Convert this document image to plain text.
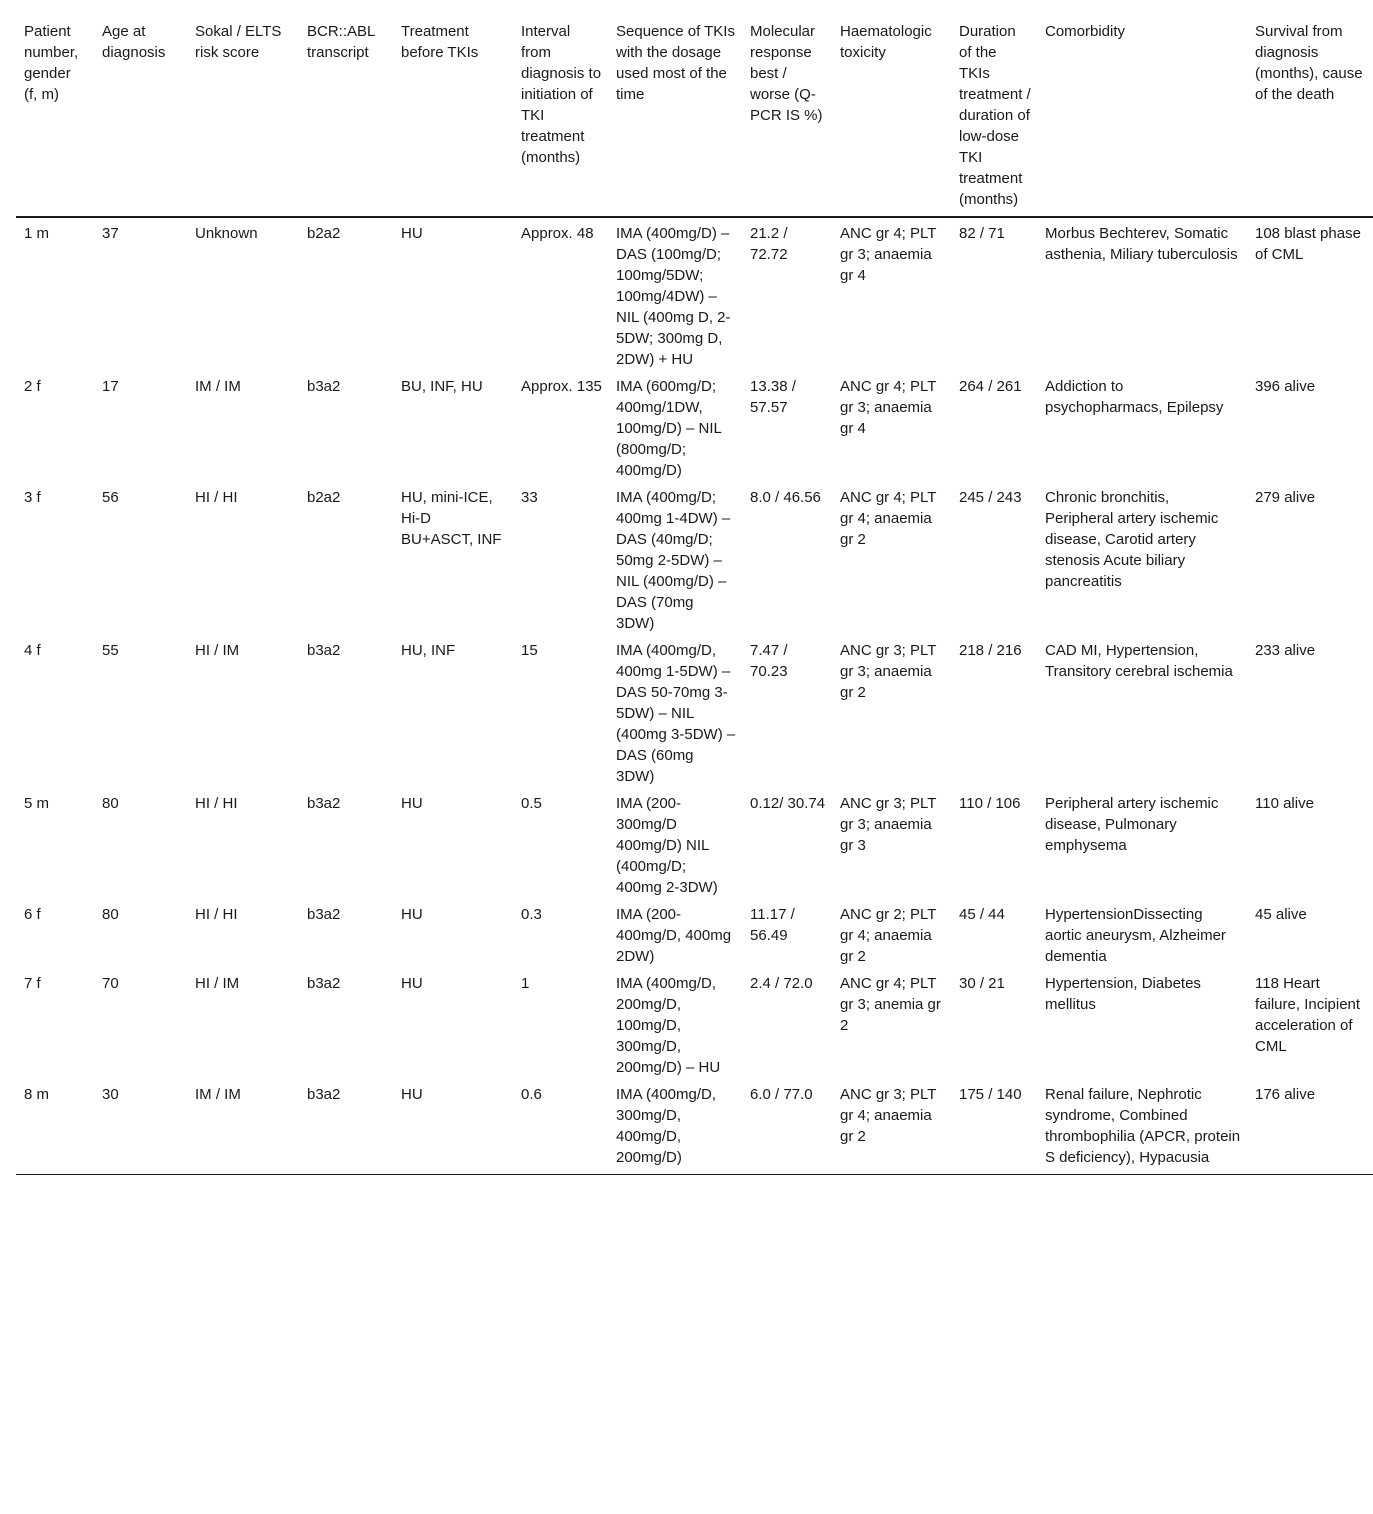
Patient number, gender (f, m)	Age at diagnosis	Sokal / ELTS risk score	BCR::ABL transcript	Treatment before TKIs	Interval from diagnosis to initiation of TKI treatment (months)	Sequence of TKIs with the dosage used most of the time	Molecular response best / worse (Q-PCR IS %)	Haematologic toxicity	Duration of the TKIs treatment / duration of low-dose TKI treatment (months)	Comorbidity	Survival from diagnosis (months), cause of the death
1 m	37	Unknown	b2a2	HU	Approx. 48	IMA (400mg/D) – DAS (100mg/D; 100mg/5DW; 100mg/4DW) – NIL (400mg D, 2-5DW; 300mg D, 2DW) + HU	21.2 / 72.72	ANC gr 4; PLT gr 3; anaemia gr 4	82 / 71	Morbus Bechterev, Somatic asthenia, Miliary tuberculosis	108 blast phase of CML
2 f	17	IM / IM	b3a2	BU, INF, HU	Approx. 135	IMA (600mg/D; 400mg/1DW, 100mg/D) – NIL (800mg/D; 400mg/D)	13.38 / 57.57	ANC gr 4; PLT gr 3; anaemia gr 4	264 / 261	Addiction to psychopharmacs, Epilepsy	396 alive
3 f	56	HI / HI	b2a2	HU, mini-ICE, Hi-D BU+ASCT, INF	33	IMA (400mg/D; 400mg 1-4DW) – DAS (40mg/D; 50mg 2-5DW) – NIL (400mg/D) – DAS (70mg 3DW)	8.0 / 46.56	ANC gr 4; PLT gr 4; anaemia gr 2	245 / 243	Chronic bronchitis, Peripheral artery ischemic disease, Carotid artery stenosis Acute biliary pancreatitis	279 alive
4 f	55	HI / IM	b3a2	HU, INF	15	IMA (400mg/D, 400mg 1-5DW) – DAS 50-70mg 3-5DW) – NIL (400mg 3-5DW) – DAS (60mg 3DW)	7.47 / 70.23	ANC gr 3; PLT gr 3; anaemia gr 2	218 / 216	CAD MI, Hypertension, Transitory cerebral ischemia	233 alive
5 m	80	HI / HI	b3a2	HU	0.5	IMA (200-300mg/D 400mg/D) NIL (400mg/D; 400mg 2-3DW)	0.12/ 30.74	ANC gr 3; PLT gr 3; anaemia gr 3	110 / 106	Peripheral artery ischemic disease, Pulmonary emphysema	110 alive
6 f	80	HI / HI	b3a2	HU	0.3	IMA (200-400mg/D, 400mg 2DW)	11.17 / 56.49	ANC gr 2; PLT gr 4; anaemia gr 2	45 / 44	HypertensionDissecting aortic aneurysm, Alzheimer dementia	45 alive
7 f	70	HI / IM	b3a2	HU	1	IMA (400mg/D, 200mg/D, 100mg/D, 300mg/D, 200mg/D) – HU	2.4 / 72.0	ANC gr 4; PLT gr 3; anemia gr 2	30 / 21	Hypertension, Diabetes mellitus	118 Heart failure, Incipient acceleration of CML
8 m	30	IM / IM	b3a2	HU	0.6	IMA (400mg/D, 300mg/D, 400mg/D, 200mg/D)	6.0 / 77.0	ANC gr 3; PLT gr 4; anaemia gr 2	175 / 140	Renal failure, Nephrotic syndrome, Combined thrombophilia (APCR, protein S deficiency), Hypacusia	176 alive
